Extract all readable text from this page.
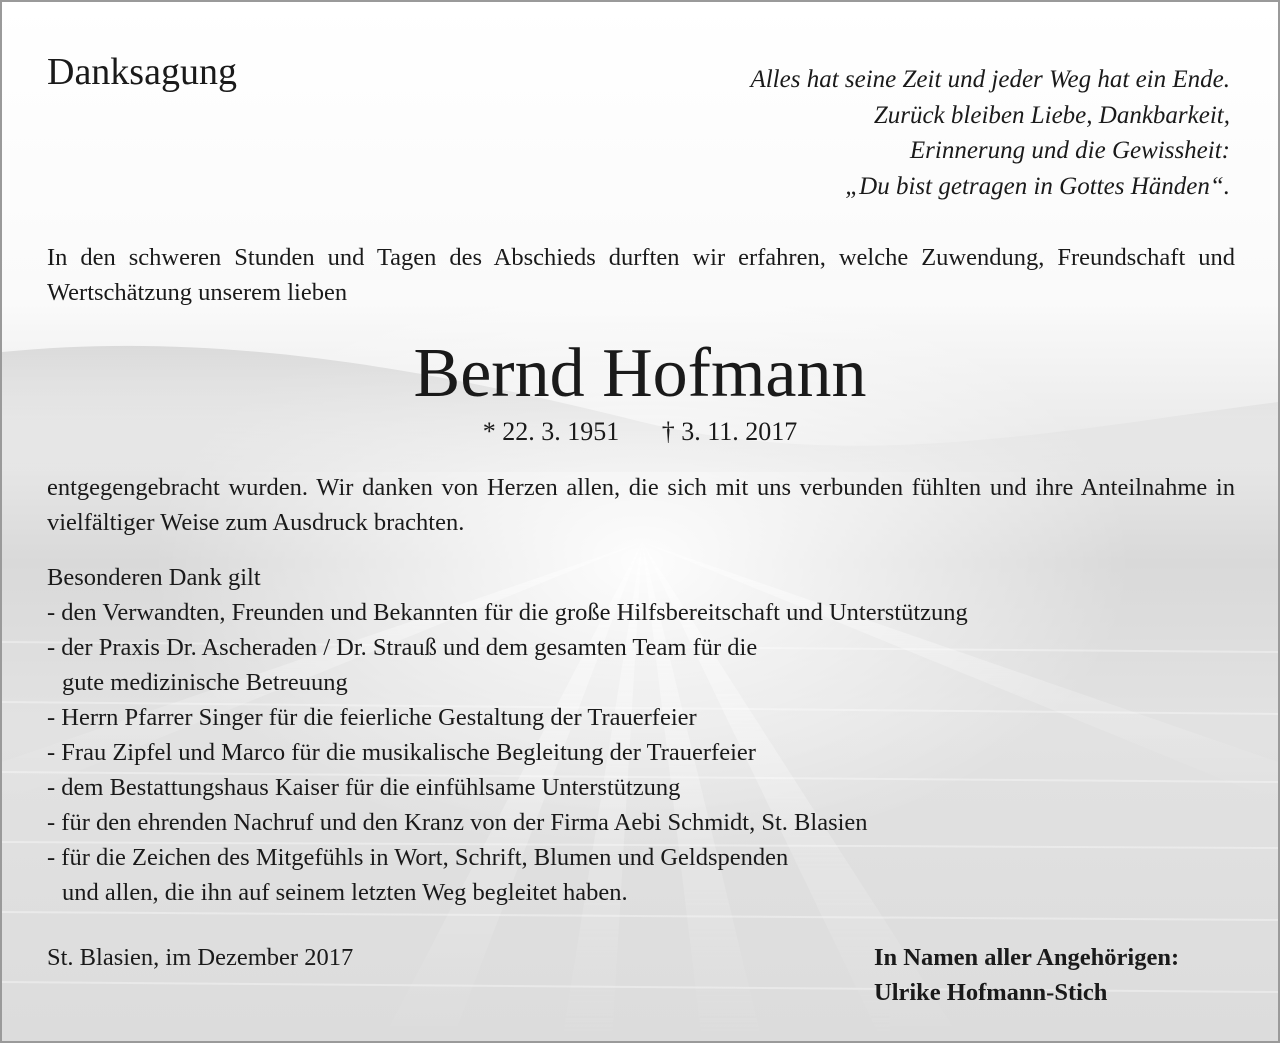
Danksagung	Alles hat seine Zeit und jeder Weg hat ein Ende.
Zurück bleiben Liebe, Dankbarkeit,
Erinnerung und die Gewissheit:
„Du bist getragen in Gottes Händen“.
In den schweren Stunden und Tagen des Abschieds durften wir erfahren, welche Zuwendung, Freundschaft und Wertschätzung unserem lieben
Bernd Hofmann
* 22. 3. 1951 † 3. 11. 2017
entgegengebracht wurden. Wir danken von Herzen allen, die sich mit uns verbunden fühlten und ihre Anteilnahme in vielfältiger Weise zum Ausdruck brachten.
Besonderen Dank gilt
- den Verwandten, Freunden und Bekannten für die große Hilfsbereitschaft und Unterstützung
- der Praxis Dr. Ascheraden / Dr. Strauß und dem gesamten Team für die
gute medizinische Betreuung
- Herrn Pfarrer Singer für die feierliche Gestaltung der Trauerfeier
- Frau Zipfel und Marco für die musikalische Begleitung der Trauerfeier
- dem Bestattungshaus Kaiser für die einfühlsame Unterstützung
- für den ehrenden Nachruf und den Kranz von der Firma Aebi Schmidt, St. Blasien
- für die Zeichen des Mitgefühls in Wort, Schrift, Blumen und Geldspenden
und allen, die ihn auf seinem letzten Weg begleitet haben.
St. Blasien, im Dezember 2017	In Namen aller Angehörigen:
Ulrike Hofmann-Stich
